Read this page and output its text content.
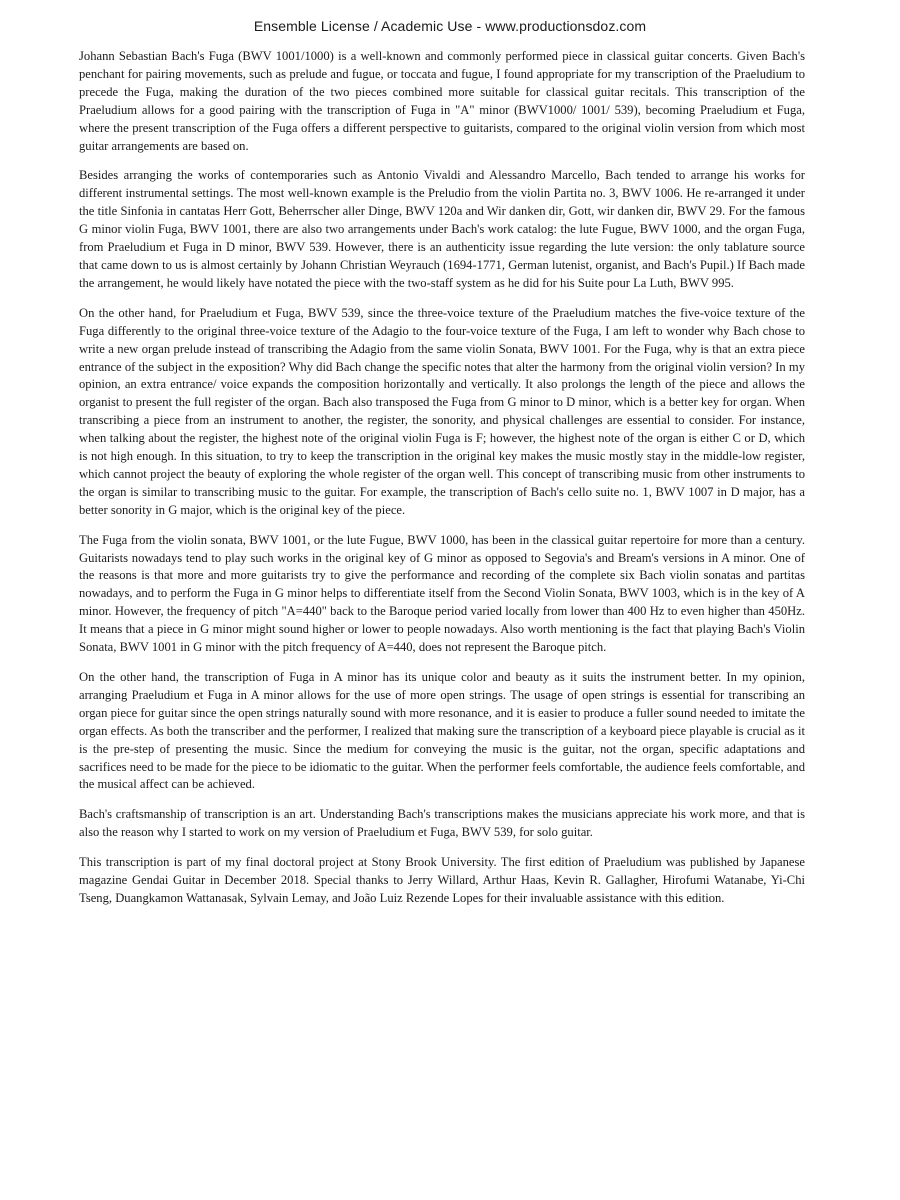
Ensemble License / Academic Use - www.productionsdoz.com

Johann Sebastian Bach's Fuga (BWV 1001/1000) is a well-known and commonly performed piece in classical guitar concerts. Given Bach's penchant for pairing movements, such as prelude and fugue, or toccata and fugue, I found appropriate for my transcription of the Praeludium to precede the Fuga, making the duration of the two pieces combined more suitable for classical guitar recitals. This transcription of the Praeludium allows for a good pairing with the transcription of Fuga in "A" minor (BWV1000/ 1001/ 539), becoming Praeludium et Fuga, where the present transcription of the Fuga offers a different perspective to guitarists, compared to the original violin version from which most guitar arrangements are based on.

Besides arranging the works of contemporaries such as Antonio Vivaldi and Alessandro Marcello, Bach tended to arrange his works for different instrumental settings. The most well-known example is the Preludio from the violin Partita no. 3, BWV 1006. He re-arranged it under the title Sinfonia in cantatas Herr Gott, Beherrscher aller Dinge, BWV 120a and Wir danken dir, Gott, wir danken dir, BWV 29. For the famous G minor violin Fuga, BWV 1001, there are also two arrangements under Bach's work catalog: the lute Fugue, BWV 1000, and the organ Fuga, from Praeludium et Fuga in D minor, BWV 539. However, there is an authenticity issue regarding the lute version: the only tablature source that came down to us is almost certainly by Johann Christian Weyrauch (1694-1771, German lutenist, organist, and Bach's Pupil.) If Bach made the arrangement, he would likely have notated the piece with the two-staff system as he did for his Suite pour La Luth, BWV 995.

On the other hand, for Praeludium et Fuga, BWV 539, since the three-voice texture of the Praeludium matches the five-voice texture of the Fuga differently to the original three-voice texture of the Adagio to the four-voice texture of the Fuga, I am left to wonder why Bach chose to write a new organ prelude instead of transcribing the Adagio from the same violin Sonata, BWV 1001. For the Fuga, why is that an extra piece entrance of the subject in the exposition? Why did Bach change the specific notes that alter the harmony from the original violin version? In my opinion, an extra entrance/ voice expands the composition horizontally and vertically. It also prolongs the length of the piece and allows the organist to present the full register of the organ. Bach also transposed the Fuga from G minor to D minor, which is a better key for organ. When transcribing a piece from an instrument to another, the register, the sonority, and physical challenges are essential to consider. For instance, when talking about the register, the highest note of the original violin Fuga is F; however, the highest note of the organ is either C or D, which is not high enough. In this situation, to try to keep the transcription in the original key makes the music mostly stay in the middle-low register, which cannot project the beauty of exploring the whole register of the organ well. This concept of transcribing music from other instruments to the organ is similar to transcribing music to the guitar. For example, the transcription of Bach's cello suite no. 1, BWV 1007 in D major, has a better sonority in G major, which is the original key of the piece.

The Fuga from the violin sonata, BWV 1001, or the lute Fugue, BWV 1000, has been in the classical guitar repertoire for more than a century. Guitarists nowadays tend to play such works in the original key of G minor as opposed to Segovia's and Bream's versions in A minor. One of the reasons is that more and more guitarists try to give the performance and recording of the complete six Bach violin sonatas and partitas nowadays, and to perform the Fuga in G minor helps to differentiate itself from the Second Violin Sonata, BWV 1003, which is in the key of A minor. However, the frequency of pitch "A=440" back to the Baroque period varied locally from lower than 400 Hz to even higher than 450Hz. It means that a piece in G minor might sound higher or lower to people nowadays. Also worth mentioning is the fact that playing Bach's Violin Sonata, BWV 1001 in G minor with the pitch frequency of A=440, does not represent the Baroque pitch.

On the other hand, the transcription of Fuga in A minor has its unique color and beauty as it suits the instrument better. In my opinion, arranging Praeludium et Fuga in A minor allows for the use of more open strings. The usage of open strings is essential for transcribing an organ piece for guitar since the open strings naturally sound with more resonance, and it is easier to produce a fuller sound needed to imitate the organ effects. As both the transcriber and the performer, I realized that making sure the transcription of a keyboard piece playable is crucial as it is the pre-step of presenting the music. Since the medium for conveying the music is the guitar, not the organ, specific adaptations and sacrifices need to be made for the piece to be idiomatic to the guitar. When the performer feels comfortable, the audience feels comfortable, and the musical affect can be achieved.

Bach's craftsmanship of transcription is an art. Understanding Bach's transcriptions makes the musicians appreciate his work more, and that is also the reason why I started to work on my version of Praeludium et Fuga, BWV 539, for solo guitar.

This transcription is part of my final doctoral project at Stony Brook University. The first edition of Praeludium was published by Japanese magazine Gendai Guitar in December 2018. Special thanks to Jerry Willard, Arthur Haas, Kevin R. Gallagher, Hirofumi Watanabe, Yi-Chi Tseng, Duangkamon Wattanasak, Sylvain Lemay, and João Luiz Rezende Lopes for their invaluable assistance with this edition.
